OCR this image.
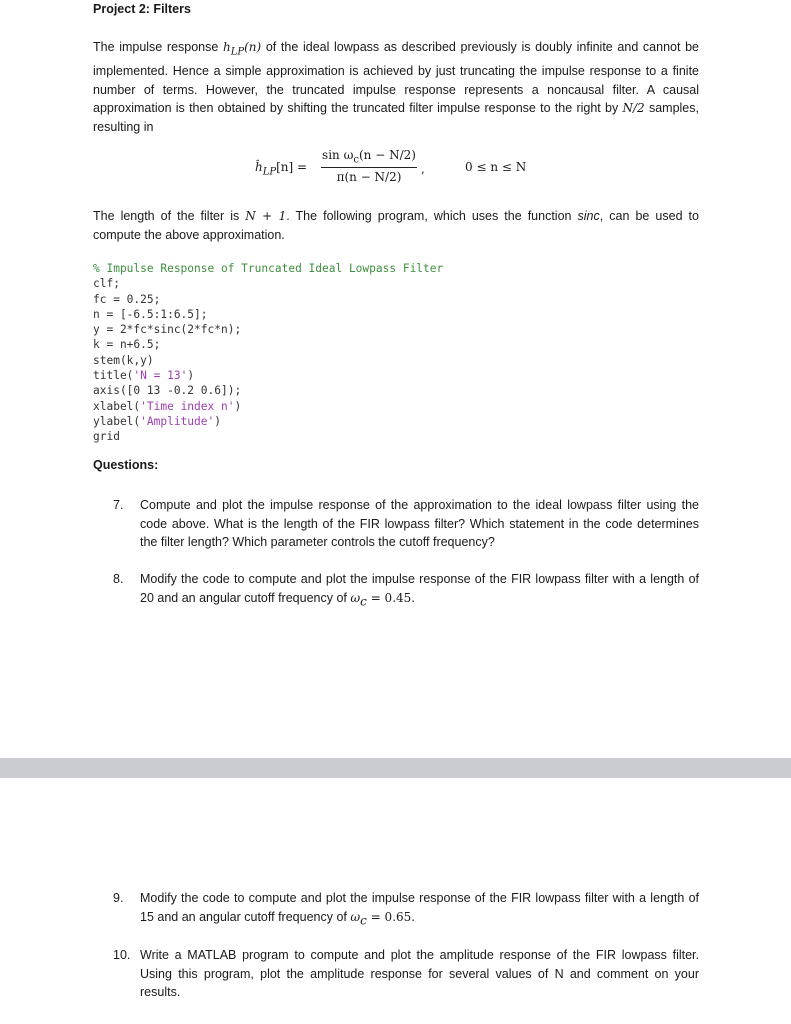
Project 2: Filters
The impulse response $h_{LP}(n)$ of the ideal lowpass as described previously is doubly infinite and cannot be implemented. Hence a simple approximation is achieved by just truncating the impulse response to a finite number of terms. However, the truncated impulse response represents a noncausal filter. A causal approximation is then obtained by shifting the truncated filter impulse response to the right by N/2 samples, resulting in
$ĥ_{LP}[n] = \frac{\sin \omega_c(n - N/2)}{\pi(n - N/2)}$ ,	0 ≤ n ≤ N
The length of the filter is N + 1. The following program, which uses the function sinc, can be used to compute the above approximation.
% Impulse Response of Truncated Ideal Lowpass Filter
clf;
fc = 0.25;
n = [-6.5:1:6.5];
y = 2*fc*sinc(2*fc*n);
k = n+6.5;
stem(k,y)
title('N = 13')
axis([0 13 -0.2 0.6]);
xlabel('Time index n')
ylabel('Amplitude')
grid
Questions:
7.	Compute and plot the impulse response of the approximation to the ideal lowpass filter using the code above. What is the length of the FIR lowpass filter? Which statement in the code determines the filter length? Which parameter controls the cutoff frequency?
8.	Modify the code to compute and plot the impulse response of the FIR lowpass filter with a length of 20 and an angular cutoff frequency of $\omega_c = 0.45$.
9.	Modify the code to compute and plot the impulse response of the FIR lowpass filter with a length of 15 and an angular cutoff frequency of $\omega_c = 0.65$.
10. Write a MATLAB program to compute and plot the amplitude response of the FIR lowpass filter. Using this program, plot the amplitude response for several values of N and comment on your results.
